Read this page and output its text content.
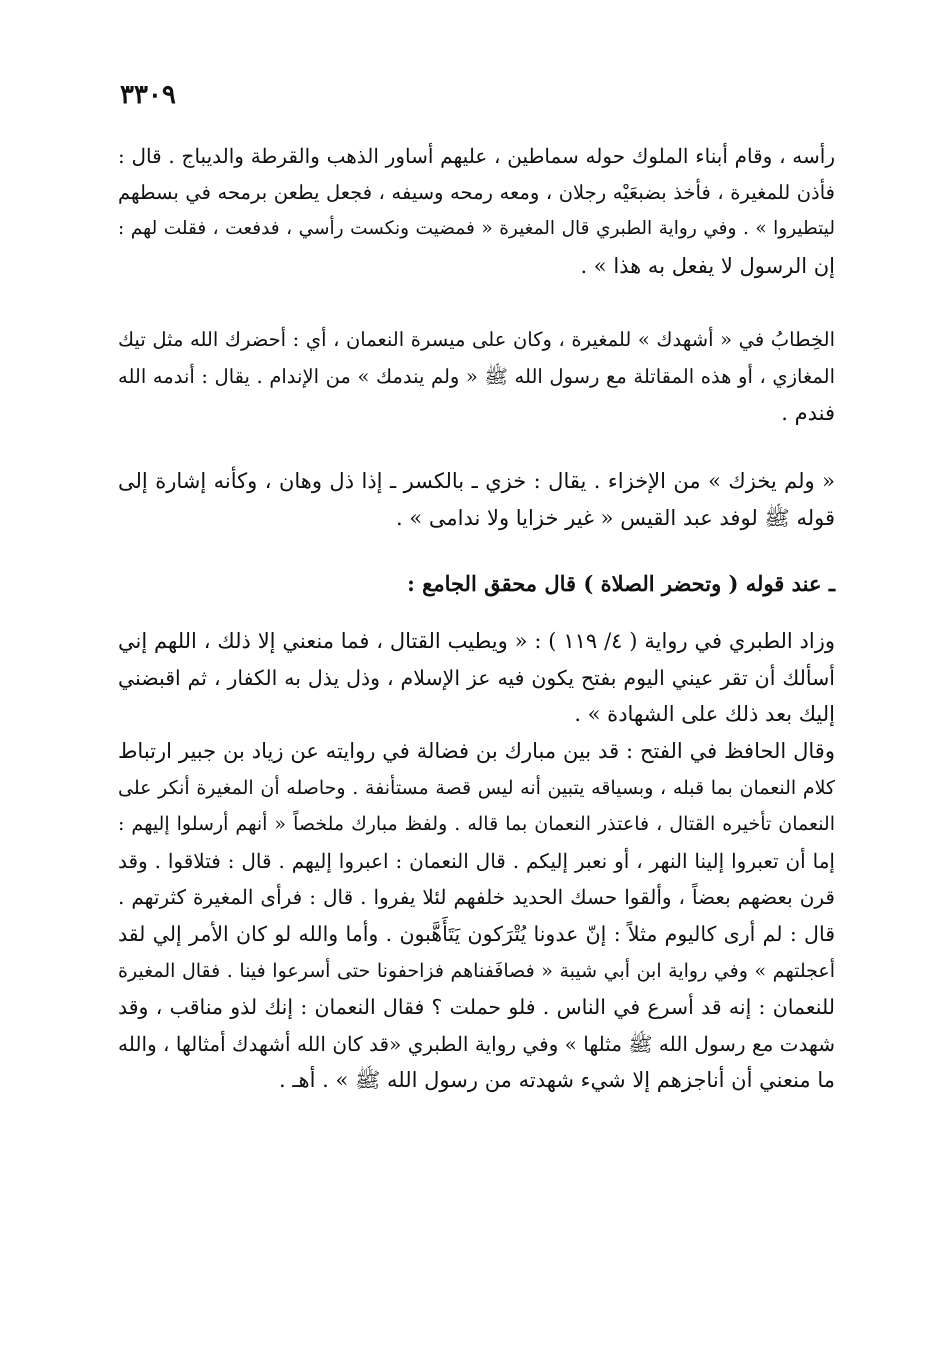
٣٣٠٩
رأسه ، وقام أبناء الملوك حوله سماطين ، عليهم أساور الذهب والقرطة والديباج . قال :
فأذن للمغيرة ، فأخذ بضبعَيْه رجلان ، ومعه رمحه وسيفه ، فجعل يطعن برمحه في بسطهم
ليتطيروا » . وفي رواية الطبري قال المغيرة « فمضيت ونكست رأسي ، فدفعت ، فقلت لهم :
إن الرسول لا يفعل به هذا » .
الخِطابُ في « أشهدك » للمغيرة ، وكان على ميسرة النعمان ، أي : أحضرك الله مثل تيك
المغازي ، أو هذه المقاتلة مع رسول الله ﷺ « ولم يندمك » من الإندام . يقال : أندمه الله
فندم .
« ولم يخزك » من الإخزاء . يقال : خزي ـ بالكسر ـ إذا ذل وهان ، وكأنه إشارة إلى
قوله ﷺ لوفد عبد القيس « غير خزايا ولا ندامى » .
ـ عند قوله ( وتحضر الصلاة ) قال محقق الجامع :
وزاد الطبري في رواية ( ٤/ ١١٩ ) : « ويطيب القتال ، فما منعني إلا ذلك ، اللهم إني
أسألك أن تقر عيني اليوم بفتح يكون فيه عز الإسلام ، وذل يذل به الكفار ، ثم اقبضني
إليك بعد ذلك على الشهادة » .
وقال الحافظ في الفتح : قد بين مبارك بن فضالة في روايته عن زياد بن جبير ارتباط
كلام النعمان بما قبله ، وبسياقه يتبين أنه ليس قصة مستأنفة . وحاصله أن المغيرة أنكر على
النعمان تأخيره القتال ، فاعتذر النعمان بما قاله . ولفظ مبارك ملخصاً « أنهم أرسلوا إليهم :
إما أن تعبروا إلينا النهر ، أو نعبر إليكم . قال النعمان : اعبروا إليهم . قال : فتلاقوا . وقد
قرن بعضهم بعضاً ، وألقوا حسك الحديد خلفهم لئلا يفروا . قال : فرأى المغيرة كثرتهم .
قال : لم أرى كاليوم مثلاً : إنّ عدونا يُتْرَكون يَتَأَهَّبون . وأما والله لو كان الأمر إلي لقد
أعجلتهم » وفي رواية ابن أبي شيبة « فصافَفناهم فزاحفونا حتى أسرعوا فينا . فقال المغيرة
للنعمان : إنه قد أسرع في الناس . فلو حملت ؟ فقال النعمان : إنك لذو مناقب ، وقد
شهدت مع رسول الله ﷺ مثلها » وفي رواية الطبري «قد كان الله أشهدك أمثالها ، والله
ما منعني أن أناجزهم إلا شيء شهدته من رسول الله ﷺ » . أهـ .
